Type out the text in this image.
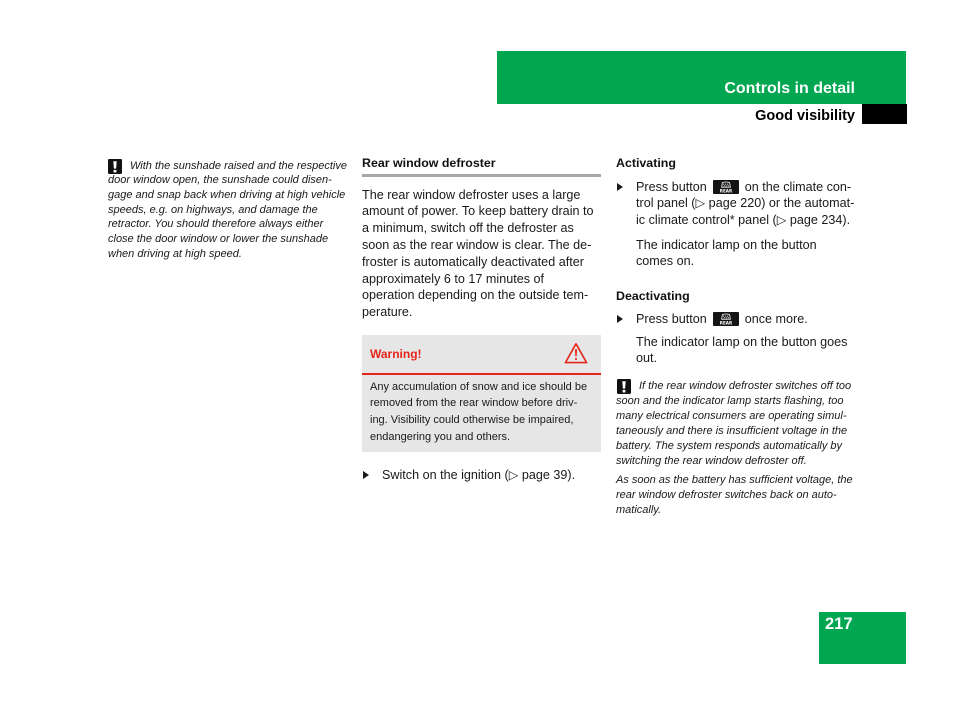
Controls in detail
Good visibility
With the sunshade raised and the respective
door window open, the sunshade could disen-
gage and snap back when driving at high vehicle
speeds, e.g. on highways, and damage the
retractor. You should therefore always either
close the door window or lower the sunshade
when driving at high speed.
Rear window defroster
The rear window defroster uses a large
amount of power. To keep battery drain to
a minimum, switch off the defroster as
soon as the rear window is clear. The de-
froster is automatically deactivated after
approximately 6 to 17 minutes of
operation depending on the outside tem-
perature.
Warning!
Any accumulation of snow and ice should be
removed from the rear window before driv-
ing. Visibility could otherwise be impaired,
endangering you and others.
Switch on the ignition (▷ page 39).
Activating
Press button	REAR on the climate con-
trol panel (▷ page 220) or the automat-
ic climate control* panel (▷ page 234).
The indicator lamp on the button
comes on.
Deactivating
Press button	REAR once more.
The indicator lamp on the button goes
out.
If the rear window defroster switches off too
soon and the indicator lamp starts flashing, too
many electrical consumers are operating simul-
taneously and there is insufficient voltage in the
battery. The system responds automatically by
switching the rear window defroster off.
As soon as the battery has sufficient voltage, the
rear window defroster switches back on auto-
matically.
217
